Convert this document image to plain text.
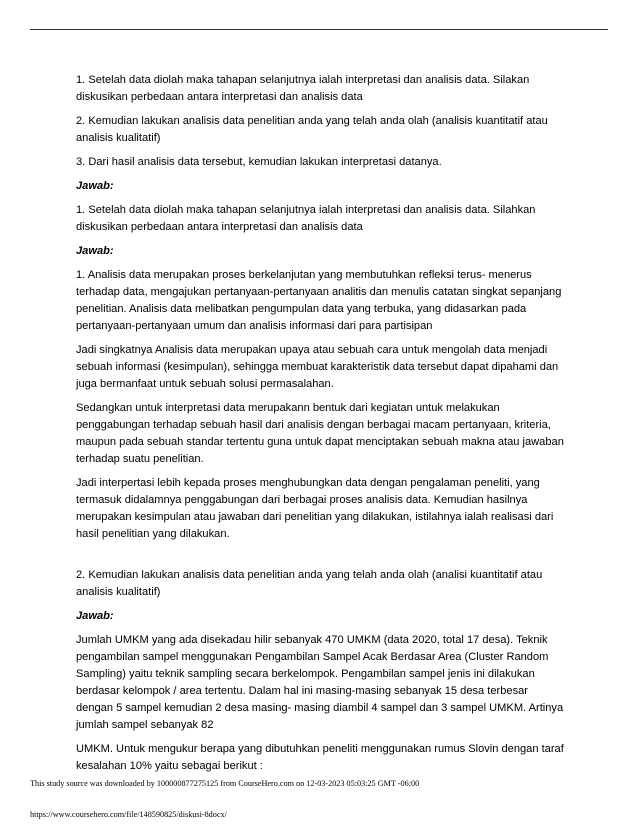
1. Setelah data diolah maka tahapan selanjutnya ialah interpretasi dan analisis data. Silakan diskusikan perbedaan antara interpretasi dan analisis data

2. Kemudian lakukan analisis data penelitian anda yang telah anda olah (analisis kuantitatif atau analisis kualitatif)

3. Dari hasil analisis data tersebut, kemudian lakukan interpretasi datanya.

Jawab:

1. Setelah data diolah maka tahapan selanjutnya ialah interpretasi dan analisis data. Silahkan diskusikan perbedaan antara interpretasi dan analisis data

Jawab:

1. Analisis data merupakan proses berkelanjutan yang membutuhkan refleksi terus- menerus terhadap data, mengajukan pertanyaan-pertanyaan analitis dan menulis catatan singkat sepanjang penelitian. Analisis data melibatkan pengumpulan data yang terbuka, yang didasarkan pada pertanyaan-pertanyaan umum dan analisis informasi dari para partisipan

Jadi singkatnya Analisis data merupakan upaya atau sebuah cara untuk mengolah data menjadi sebuah informasi (kesimpulan), sehingga membuat karakteristik data tersebut dapat dipahami dan juga bermanfaat untuk sebuah solusi permasalahan.

Sedangkan untuk interpretasi data merupakann bentuk dari kegiatan untuk melakukan penggabungan terhadap sebuah hasil dari analisis dengan berbagai macam pertanyaan, kriteria, maupun pada sebuah standar tertentu guna untuk dapat menciptakan sebuah makna atau jawaban terhadap suatu penelitian.

Jadi interpertasi lebih kepada proses menghubungkan data dengan pengalaman peneliti, yang termasuk didalamnya penggabungan dari berbagai proses analisis data. Kemudian hasilnya merupakan kesimpulan atau jawaban dari penelitian yang dilakukan, istilahnya ialah realisasi dari hasil penelitian yang dilakukan.

2. Kemudian lakukan analisis data penelitian anda yang telah anda olah (analisi kuantitatif atau analisis kualitatif)

Jawab:

Jumlah UMKM yang ada disekadau hilir sebanyak 470 UMKM (data 2020, total 17 desa). Teknik pengambilan sampel menggunakan Pengambilan Sampel Acak Berdasar Area (Cluster Random Sampling) yaitu teknik sampling secara berkelompok. Pengambilan sampel jenis ini dilakukan berdasar kelompok / area tertentu. Dalam hal ini masing-masing sebanyak 15 desa terbesar dengan 5 sampel kemudian 2 desa masing- masing diambil 4 sampel dan 3 sampel UMKM. Artinya jumlah sampel sebanyak 82

UMKM. Untuk mengukur berapa yang dibutuhkan peneliti menggunakan rumus Slovin dengan taraf kesalahan 10% yaitu sebagai berikut :

This study source was downloaded by 100000877275125 from CourseHero.com on 12-03-2023 05:03:25 GMT -06:00
https://www.coursehero.com/file/148590825/diskusi-8docx/
